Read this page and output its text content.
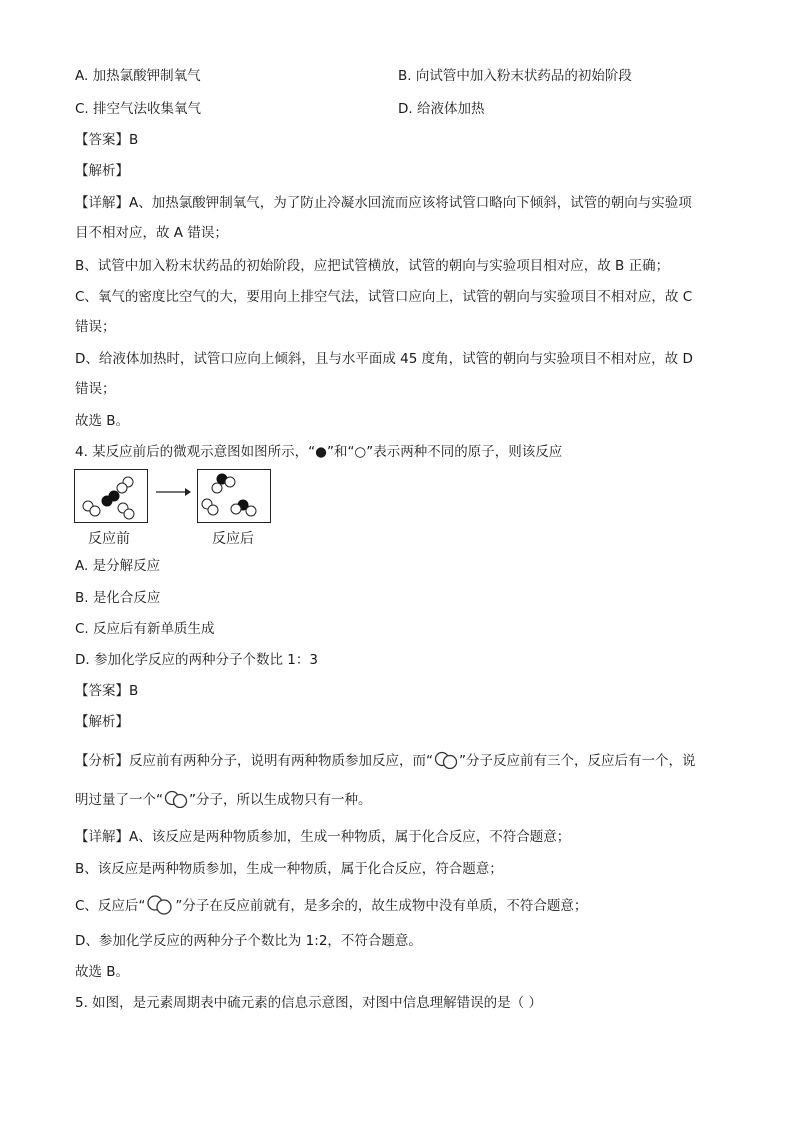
A. 加热氯酸钾制氧气	B. 向试管中加入粉末状药品的初始阶段
C. 排空气法收集氧气	D. 给液体加热
【答案】B
【解析】
【详解】A、加热氯酸钾制氧气，为了防止冷凝水回流而应该将试管口略向下倾斜，试管的朝向与实验项
目不相对应，故 A 错误；
B、试管中加入粉末状药品的初始阶段，应把试管横放，试管的朝向与实验项目相对应，故 B 正确；
C、氧气的密度比空气的大，要用向上排空气法，试管口应向上，试管的朝向与实验项目不相对应，故 C
错误；
D、给液体加热时，试管口应向上倾斜，且与水平面成 45 度角，试管的朝向与实验项目不相对应，故 D
错误；
故选 B。
4. 某反应前后的微观示意图如图所示，“●”和“○”表示两种不同的原子，则该反应
反应前	反应后
A. 是分解反应
B. 是化合反应
C. 反应后有新单质生成
D. 参加化学反应的两种分子个数比 1：3
【答案】B
【解析】
【分析】反应前有两种分子，说明有两种物质参加反应，而“ ”分子反应前有三个，反应后有一个，说
明过量了一个“ ”分子，所以生成物只有一种。
【详解】A、该反应是两种物质参加，生成一种物质，属于化合反应，不符合题意；
B、该反应是两种物质参加，生成一种物质，属于化合反应，符合题意；
C、反应后“ ”分子在反应前就有，是多余的，故生成物中没有单质，不符合题意；
D、参加化学反应的两种分子个数比为 1:2，不符合题意。
故选 B。
5. 如图，是元素周期表中硫元素的信息示意图，对图中信息理解错误的是（ ）
